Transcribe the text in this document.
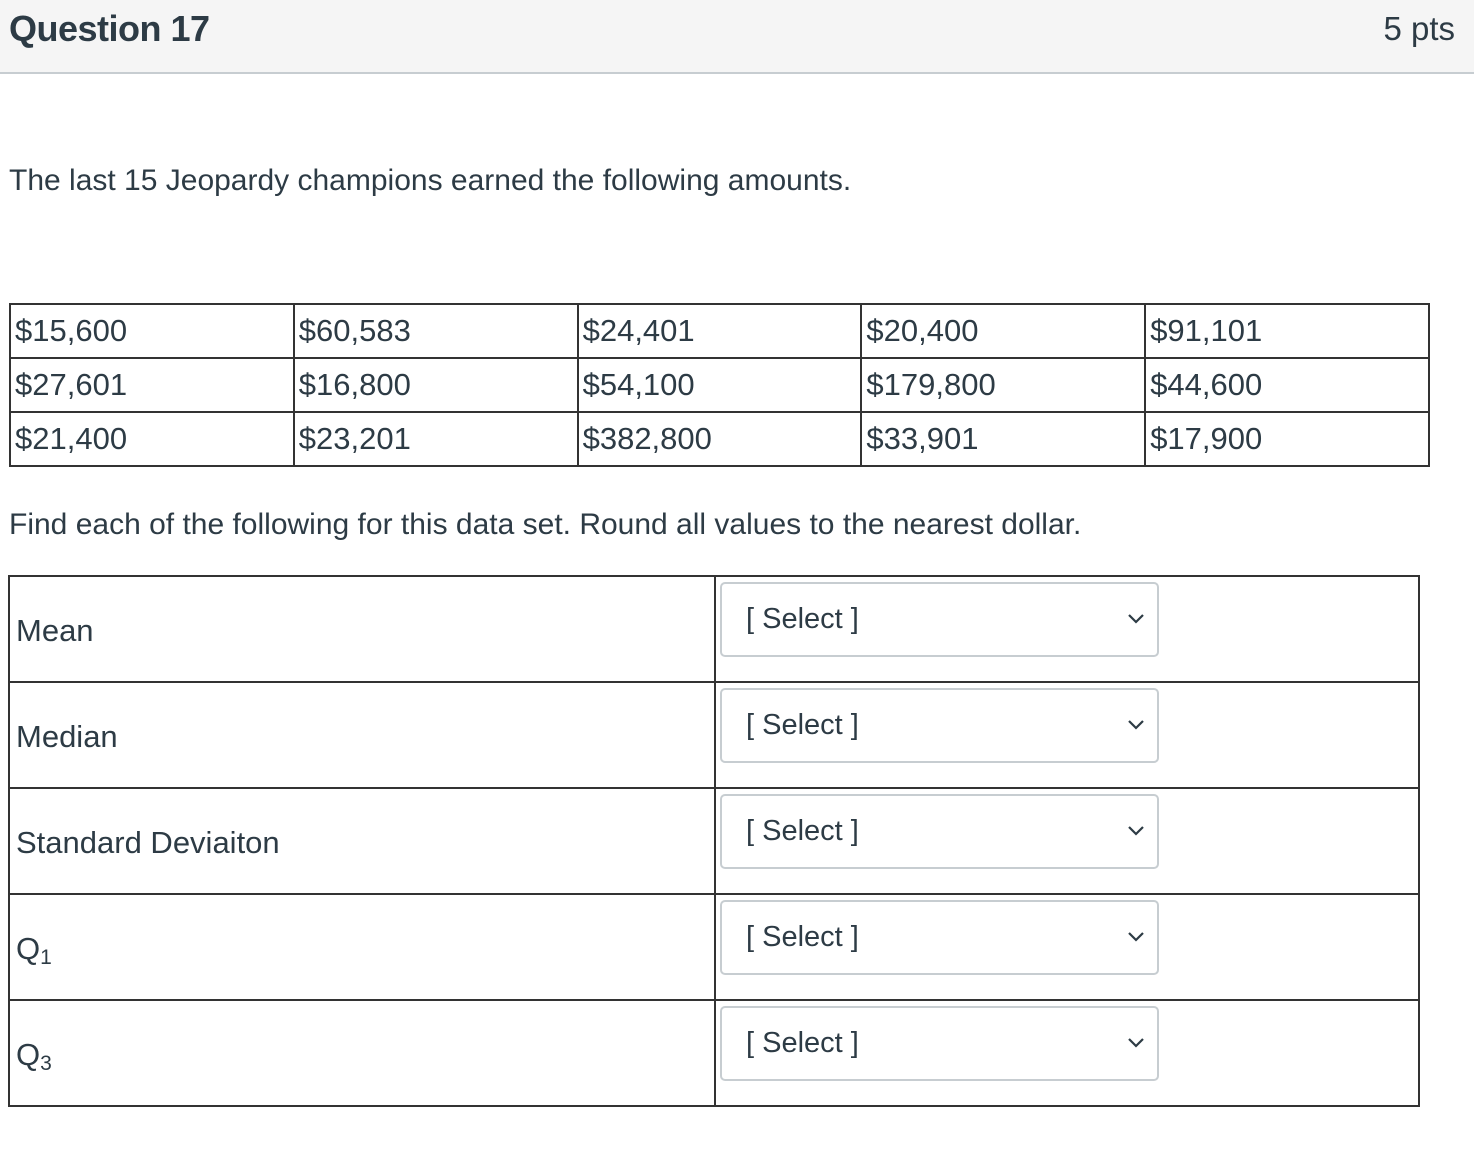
Question 17	5 pts
The last 15 Jeopardy champions earned the following amounts.
$15,600	$60,583	$24,401	$20,400	$91,101
$27,601	$16,800	$54,100	$179,800	$44,600
$21,400	$23,201	$382,800	$33,901	$17,900
Find each of the following for this data set. Round all values to the nearest dollar.
Mean	[ Select ]

Median	[ Select ]

Standard Deviaiton	[ Select ]

$Q_1$	[ Select ]

$Q_3$	[ Select ]
